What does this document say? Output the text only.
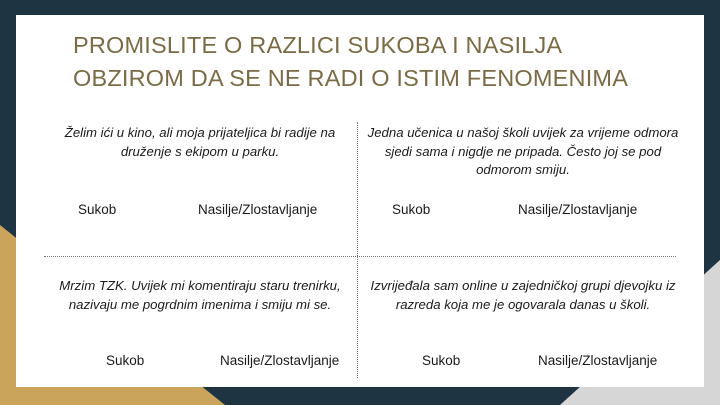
PROMISLITE O RAZLICI SUKOBA I NASILJA
OBZIROM DA SE NE RADI O ISTIM FENOMENIMA

Želim ići u kino, ali moja prijateljica bi radije na druženje s ekipom u parku.

Sukob	Nasilje/Zlostavljanje

Jedna učenica u našoj školi uvijek za vrijeme odmora sjedi sama i nigdje ne pripada. Često joj se pod odmorom smiju.

Sukob	Nasilje/Zlostavljanje

Mrzim TZK. Uvijek mi komentiraju staru trenirku, nazivaju me pogrdnim imenima i smiju mi se.

Sukob	Nasilje/Zlostavljanje

Izvrijeđala sam online u zajedničkoj grupi djevojku iz razreda koja me je ogovarala danas u školi.

Sukob	Nasilje/Zlostavljanje
